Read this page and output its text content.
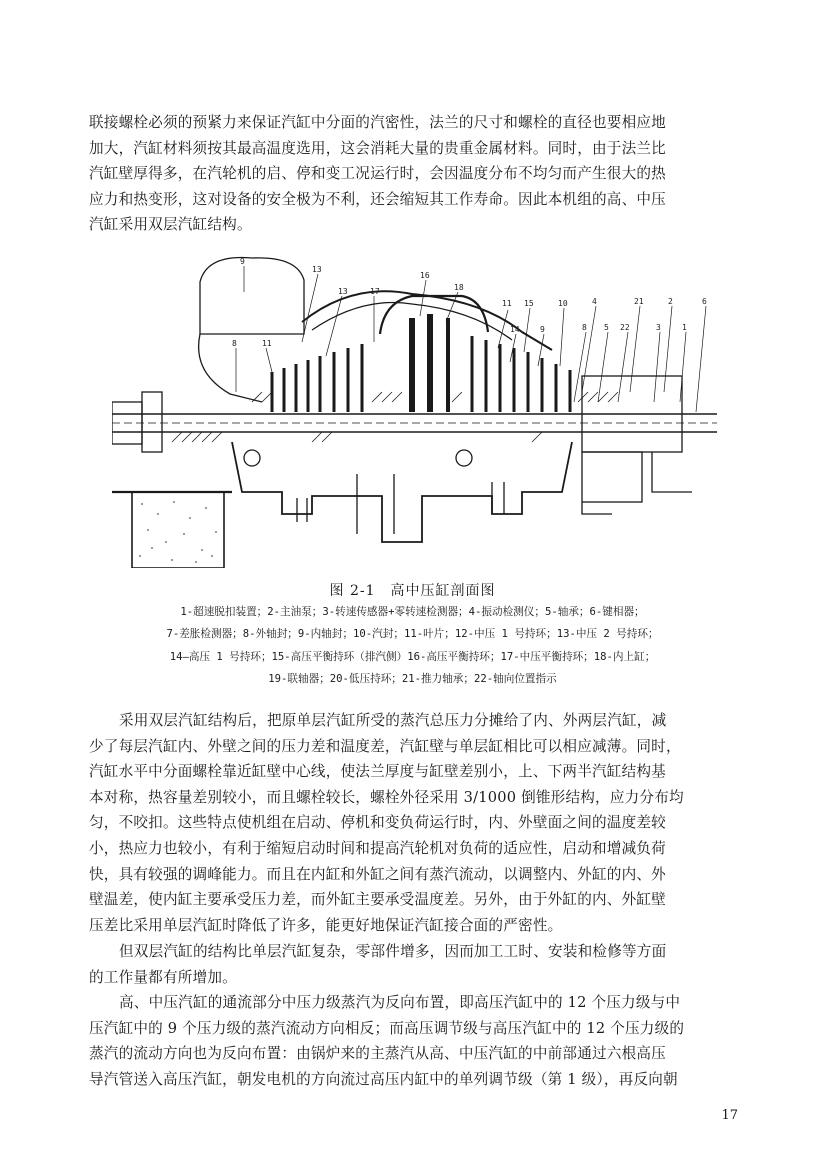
联接螺栓必须的预紧力来保证汽缸中分面的汽密性，法兰的尺寸和螺栓的直径也要相应地
加大，汽缸材料须按其最高温度选用，这会消耗大量的贵重金属材料。同时，由于法兰比
汽缸壁厚得多，在汽轮机的启、停和变工况运行时，会因温度分布不均匀而产生很大的热
应力和热变形，这对设备的安全极为不利，还会缩短其工作寿命。因此本机组的高、中压
汽缸采用双层汽缸结构。
9
13
16
13	17	18
11 15	10	4	21	2	6
8	11
14	9	8 5 22	3	1
图 2-1　高中压缸剖面图
1-超速脱扣装置；2-主油泵；3-转速传感器+零转速检测器；4-振动检测仪；5-轴承；6-键相器；
7-差胀检测器；8-外轴封；9-内轴封；10-汽封；11-叶片；12-中压 1 号持环；13-中压 2 号持环；
14—高压 1 号持环；15-高压平衡持环（排汽侧）16-高压平衡持环；17-中压平衡持环；18-内上缸；
19-联轴器；20-低压持环；21-推力轴承；22-轴向位置指示
采用双层汽缸结构后，把原单层汽缸所受的蒸汽总压力分摊给了内、外两层汽缸，减
少了每层汽缸内、外壁之间的压力差和温度差，汽缸壁与单层缸相比可以相应减薄。同时，
汽缸水平中分面螺栓靠近缸壁中心线，使法兰厚度与缸壁差别小，上、下两半汽缸结构基
本对称，热容量差别较小，而且螺栓较长，螺栓外径采用 3/1000 倒锥形结构，应力分布均
匀，不咬扣。这些特点使机组在启动、停机和变负荷运行时，内、外壁面之间的温度差较
小，热应力也较小，有利于缩短启动时间和提高汽轮机对负荷的适应性，启动和增减负荷
快，具有较强的调峰能力。而且在内缸和外缸之间有蒸汽流动，以调整内、外缸的内、外
壁温差，使内缸主要承受压力差，而外缸主要承受温度差。另外，由于外缸的内、外缸壁
压差比采用单层汽缸时降低了许多，能更好地保证汽缸接合面的严密性。
但双层汽缸的结构比单层汽缸复杂，零部件增多，因而加工工时、安装和检修等方面
的工作量都有所增加。
高、中压汽缸的通流部分中压力级蒸汽为反向布置，即高压汽缸中的 12 个压力级与中
压汽缸中的 9 个压力级的蒸汽流动方向相反；而高压调节级与高压汽缸中的 12 个压力级的
蒸汽的流动方向也为反向布置：由锅炉来的主蒸汽从高、中压汽缸的中前部通过六根高压
导汽管送入高压汽缸，朝发电机的方向流过高压内缸中的单列调节级（第 1 级），再反向朝
17
